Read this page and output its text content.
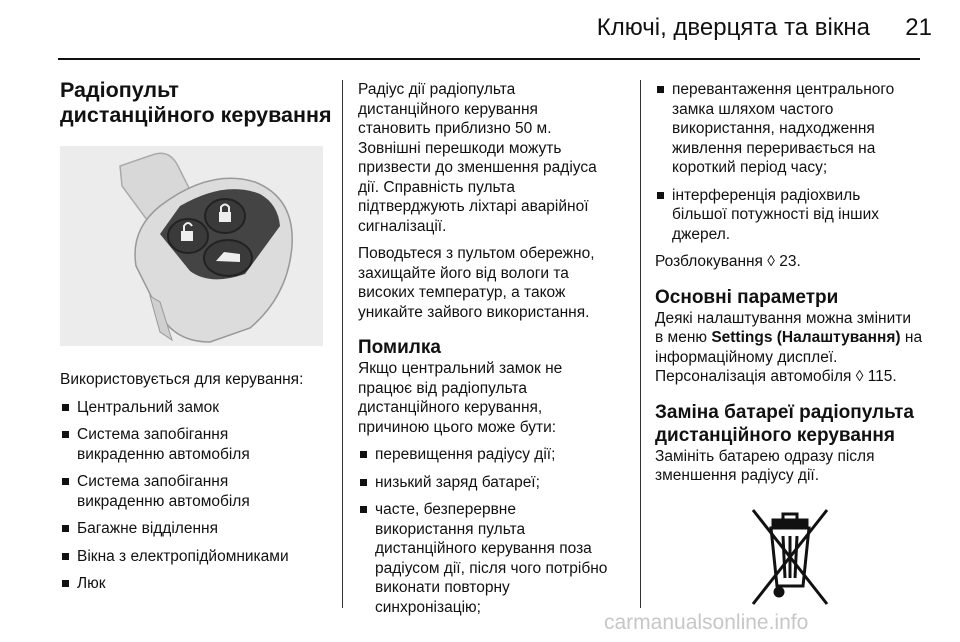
Ключі, дверцята та вікна	21
Радіопульт
дистанційного керування
Використовується для керування:
Центральний замок
Система запобігання
викраденню автомобіля
Система запобігання
викраденню автомобіля
Багажне відділення
Вікна з електропідйомниками
Люк
Радіус дії радіопульта
дистанційного керування
становить приблизно 50 м.
Зовнішні перешкоди можуть
призвести до зменшення радіуса
дії. Справність пульта
підтверджують ліхтарі аварійної
сигналізації.
Поводьтеся з пультом обережно,
захищайте його від вологи та
високих температур, а також
уникайте зайвого використання.
Помилка
Якщо центральний замок не
працює від радіопульта
дистанційного керування,
причиною цього може бути:
перевищення радіусу дії;
низький заряд батареї;
часте, безперервне
використання пульта
дистанційного керування поза
радіусом дії, після чого потрібно
виконати повторну
синхронізацію;
перевантаження центрального
замка шляхом частого
використання, надходження
живлення переривається на
короткий період часу;
інтерференція радіохвиль
більшої потужності від інших
джерел.
Розблокування ◊ 23.
Основні параметри
Деякі налаштування можна змінити
в меню Settings (Налаштування) на
інформаційному дисплеї.
Персоналізація автомобіля ◊ 115.
Заміна батареї радіопульта
дистанційного керування
Замініть батарею одразу після
зменшення радіусу дії.
carmanualsonline.info
